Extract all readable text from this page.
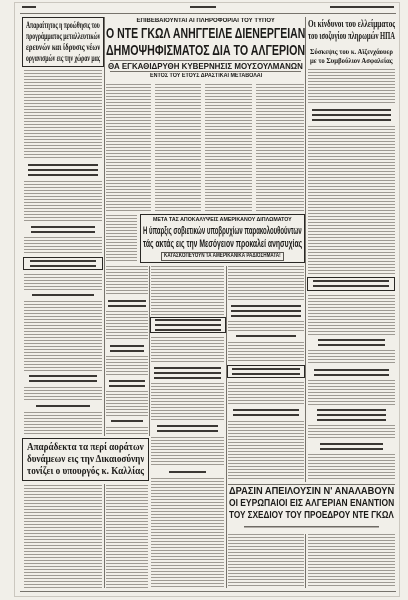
Απαραίτητος η προώθησις του
προγράμματος μεταλλευτικών
ερευνών και ίδρυσις νέων
οργανισμών εις την χώραν μας
ΕΠΙΒΕΒΑΙΟΥΝΤΑΙ ΑΙ ΠΛΗΡΟΦΟΡΙΑΙ ΤΟΥ ΤΥΠΟΥ
Ο ΝΤΕ ΓΚΩΛ ΑΝΗΓΓΕΙΛΕ ΔΙΕΝΕΡΓΕΙΑΝ
ΔΗΜΟΨΗΦΙΣΜΑΤΟΣ ΔΙΑ ΤΟ ΑΛΓΕΡΙΟΝ
ΘΑ ΕΓΚΑΘΙΔΡΥΘΗ ΚΥΒΕΡΝΗΣΙΣ ΜΟΥΣΟΥΛΜΑΝΩΝ
ΕΝΤΟΣ ΤΟΥ ΕΤΟΥΣ ΔΡΑΣΤΙΚΑΙ ΜΕΤΑΒΟΛΑΙ
Οι κίνδυνοι του ελλείμματος
του ισοζυγίου πληρωμών ΗΠΑ
Σύσκεψις του κ. Αϊζενχάουερ
με το Συμβούλιον Ασφαλείας
ΜΕΤΑ ΤΑΣ ΑΠΟΚΑΛΥΨΕΙΣ ΑΜΕΡΙΚΑΝΟΥ ΔΙΠΛΩΜΑΤΟΥ
Η ύπαρξις σοβιετικών υποβρυχίων παρακολουθούντων
τάς ακτάς εις την Μεσόγειον προκαλεί ανησυχίας
ΚΑΤΑΣΚΟΠΕΥΟΥΝ ΤΑ ΑΜΕΡΙΚΑΝΙΚΑ ΡΑΔΙΟΣΗΜΑΤΑ!
Απαράδεκτα τα περί αοράτων
δυνάμεων εις την Δικαιοσύνην
τονίζει ο υπουργός κ. Καλλίας
ΔΡΑΣΙΝ ΑΠΕΙΛΟΥΣΙΝ Ν' ΑΝΑΛΑΒΟΥΝ
ΟΙ ΕΥΡΩΠΑΙΟΙ ΕΙΣ ΑΛΓΕΡΙΑΝ ΕΝΑΝΤΙΟΝ
ΤΟΥ ΣΧΕΔΙΟΥ ΤΟΥ ΠΡΟΕΔΡΟΥ ΝΤΕ ΓΚΩΛ
